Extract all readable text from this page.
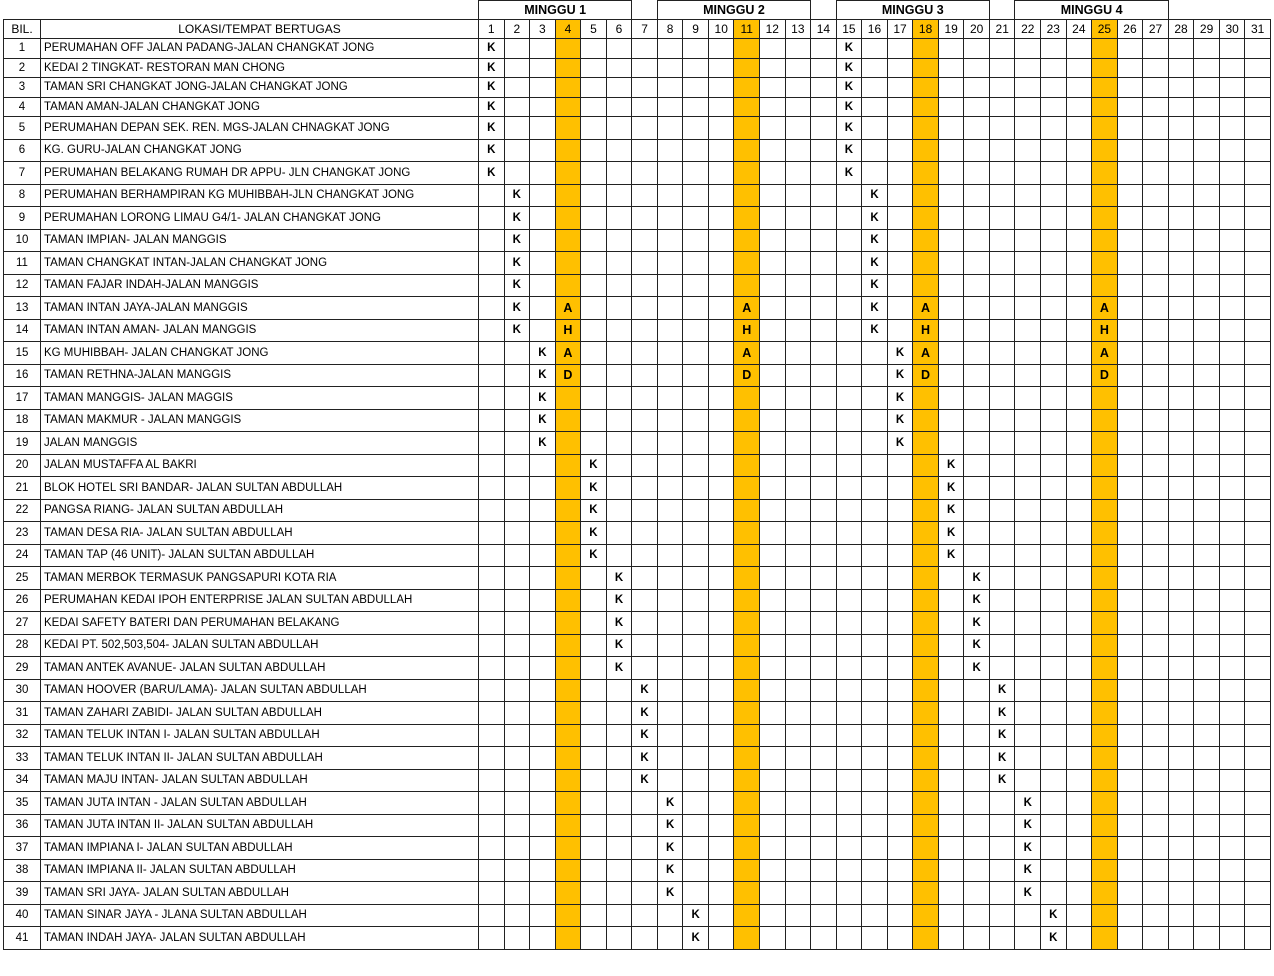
		MINGGU 1							MINGGU 2							MINGGU 3							MINGGU 4									
BIL.	LOKASI/TEMPAT BERTUGAS	1	2	3	4	5	6	7	8	9	10	11	12	13	14	15	16	17	18	19	20	21	22	23	24	25	26	27	28	29	30	31
1	PERUMAHAN OFF JALAN PADANG-JALAN CHANGKAT JONG	K														K																
2	KEDAI 2 TINGKAT- RESTORAN MAN CHONG	K														K																
3	TAMAN SRI CHANGKAT JONG-JALAN CHANGKAT JONG	K														K																
4	TAMAN AMAN-JALAN CHANGKAT JONG	K														K																
5	PERUMAHAN DEPAN SEK. REN. MGS-JALAN CHNAGKAT JONG	K														K																
6	KG. GURU-JALAN CHANGKAT JONG	K														K																
7	PERUMAHAN BELAKANG RUMAH DR APPU- JLN CHANGKAT JONG	K														K																
8	PERUMAHAN BERHAMPIRAN KG MUHIBBAH-JLN CHANGKAT JONG		K														K															
9	PERUMAHAN LORONG LIMAU G4/1- JALAN CHANGKAT JONG		K														K															
10	TAMAN IMPIAN- JALAN MANGGIS		K														K															
11	TAMAN CHANGKAT INTAN-JALAN CHANGKAT JONG		K														K															
12	TAMAN FAJAR INDAH-JALAN MANGGIS		K														K															
13	TAMAN INTAN JAYA-JALAN MANGGIS		K		A							A					K		A							A						
14	TAMAN INTAN AMAN- JALAN MANGGIS		K		H							H					K		H							H						
15	KG MUHIBBAH- JALAN CHANGKAT JONG			K	A							A						K	A							A						
16	TAMAN RETHNA-JALAN MANGGIS			K	D							D						K	D							D						
17	TAMAN MANGGIS- JALAN MAGGIS			K														K														
18	TAMAN MAKMUR - JALAN MANGGIS			K														K														
19	JALAN MANGGIS			K														K														
20	JALAN MUSTAFFA AL BAKRI					K														K												
21	BLOK HOTEL SRI BANDAR- JALAN SULTAN ABDULLAH					K														K												
22	PANGSA RIANG- JALAN SULTAN ABDULLAH					K														K												
23	TAMAN DESA RIA- JALAN SULTAN ABDULLAH					K														K												
24	TAMAN TAP (46 UNIT)- JALAN SULTAN ABDULLAH					K														K												
25	TAMAN MERBOK TERMASUK PANGSAPURI KOTA RIA						K														K											
26	PERUMAHAN KEDAI IPOH ENTERPRISE JALAN SULTAN ABDULLAH						K														K											
27	KEDAI SAFETY BATERI DAN PERUMAHAN BELAKANG						K														K											
28	KEDAI PT. 502,503,504- JALAN SULTAN ABDULLAH						K														K											
29	TAMAN ANTEK AVANUE- JALAN SULTAN ABDULLAH						K														K											
30	TAMAN HOOVER (BARU/LAMA)- JALAN SULTAN ABDULLAH							K														K										
31	TAMAN ZAHARI ZABIDI- JALAN SULTAN ABDULLAH							K														K										
32	TAMAN TELUK INTAN I- JALAN SULTAN ABDULLAH							K														K										
33	TAMAN TELUK INTAN II- JALAN SULTAN ABDULLAH							K														K										
34	TAMAN MAJU INTAN- JALAN SULTAN ABDULLAH							K														K										
35	TAMAN JUTA INTAN - JALAN SULTAN ABDULLAH								K														K									
36	TAMAN JUTA INTAN II- JALAN SULTAN ABDULLAH								K														K									
37	TAMAN IMPIANA I- JALAN SULTAN ABDULLAH								K														K									
38	TAMAN IMPIANA II- JALAN SULTAN ABDULLAH								K														K									
39	TAMAN SRI JAYA- JALAN SULTAN ABDULLAH								K														K									
40	TAMAN SINAR JAYA - JLANA SULTAN ABDULLAH									K														K								
41	TAMAN INDAH JAYA- JALAN SULTAN ABDULLAH									K														K								
